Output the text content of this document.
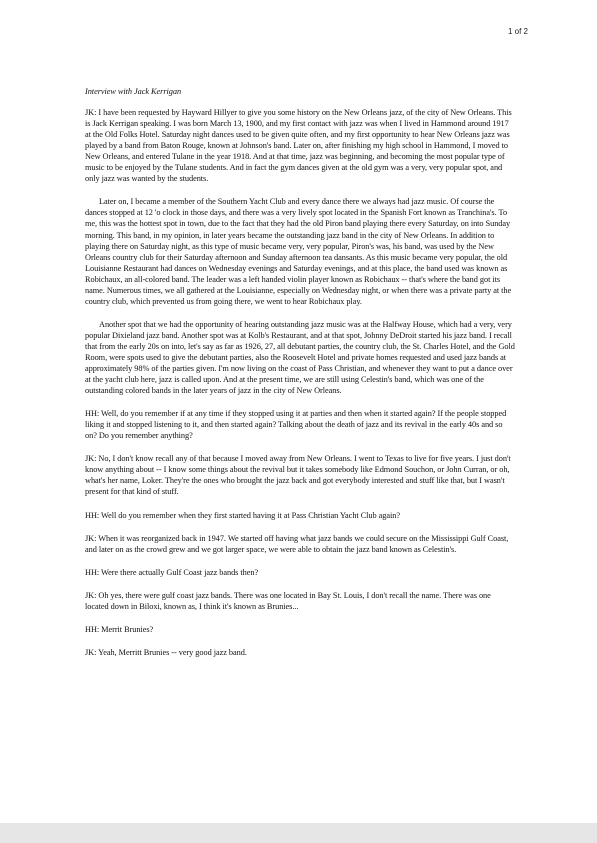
1 of 2
Interview with Jack Kerrigan

JK: I have been requested by Hayward Hillyer to give you some history on the New Orleans jazz, of the city of New Orleans. This is Jack Kerrigan speaking. I was born March 13, 1900, and my first contact with jazz was when I lived in Hammond around 1917 at the Old Folks Hotel. Saturday night dances used to be given quite often, and my first opportunity to hear New Orleans jazz was played by a band from Baton Rouge, known at Johnson's band. Later on, after finishing my high school in Hammond, I moved to New Orleans, and entered Tulane in the year 1918. And at that time, jazz was beginning, and becoming the most popular type of music to be enjoyed by the Tulane students. And in fact the gym dances given at the old gym was a very, very popular spot, and only jazz was wanted by the students.

Later on, I became a member of the Southern Yacht Club and every dance there we always had jazz music. Of course the dances stopped at 12 'o clock in those days, and there was a very lively spot located in the Spanish Fort known as Tranchina's. To me, this was the hottest spot in town, due to the fact that they had the old Piron band playing there every Saturday, on into Sunday morning. This band, in my opinion, in later years became the outstanding jazz band in the city of New Orleans. In addition to playing there on Saturday night, as this type of music became very, very popular, Piron's was, his band, was used by the New Orleans country club for their Saturday afternoon and Sunday afternoon tea dansants. As this music became very popular, the old Louisianne Restaurant had dances on Wednesday evenings and Saturday evenings, and at this place, the band used was known as Robichaux, an all-colored band. The leader was a left handed violin player known as Robichaux -- that's where the band got its name. Numerous times, we all gathered at the Louisianne, especially on Wednesday night, or when there was a private party at the country club, which prevented us from going there, we went to hear Robichaux play.

Another spot that we had the opportunity of hearing outstanding jazz music was at the Halfway House, which had a very, very popular Dixieland jazz band. Another spot was at Kolb's Restaurant, and at that spot, Johnny DeDroit started his jazz band. I recall that from the early 20s on into, let's say as far as 1926, 27, all debutant parties, the country club, the St. Charles Hotel, and the Gold Room, were spots used to give the debutant parties, also the Roosevelt Hotel and private homes requested and used jazz bands at approximately 98% of the parties given. I'm now living on the coast of Pass Christian, and whenever they want to put a dance over at the yacht club here, jazz is called upon. And at the present time, we are still using Celestin's band, which was one of the outstanding colored bands in the later years of jazz in the city of New Orleans.

HH: Well, do you remember if at any time if they stopped using it at parties and then when it started again? If the people stopped liking it and stopped listening to it, and then started again? Talking about the death of jazz and its revival in the early 40s and so on? Do you remember anything?

JK: No, I don't know recall any of that because I moved away from New Orleans. I went to Texas to live for five years. I just don't know anything about -- I know some things about the revival but it takes somebody like Edmond Souchon, or John Curran, or oh, what's her name, Loker. They're the ones who brought the jazz back and got everybody interested and stuff like that, but I wasn't present for that kind of stuff.

HH: Well do you remember when they first started having it at Pass Christian Yacht Club again?

JK: When it was reorganized back in 1947. We started off having what jazz bands we could secure on the Mississippi Gulf Coast, and later on as the crowd grew and we got larger space, we were able to obtain the jazz band known as Celestin's.

HH: Were there actually Gulf Coast jazz bands then?

JK: Oh yes, there were gulf coast jazz bands. There was one located in Bay St. Louis, I don't recall the name. There was one located down in Biloxi, known as, I think it's known as Brunies...

HH: Merrit Brunies?

JK: Yeah, Merritt Brunies -- very good jazz band.
